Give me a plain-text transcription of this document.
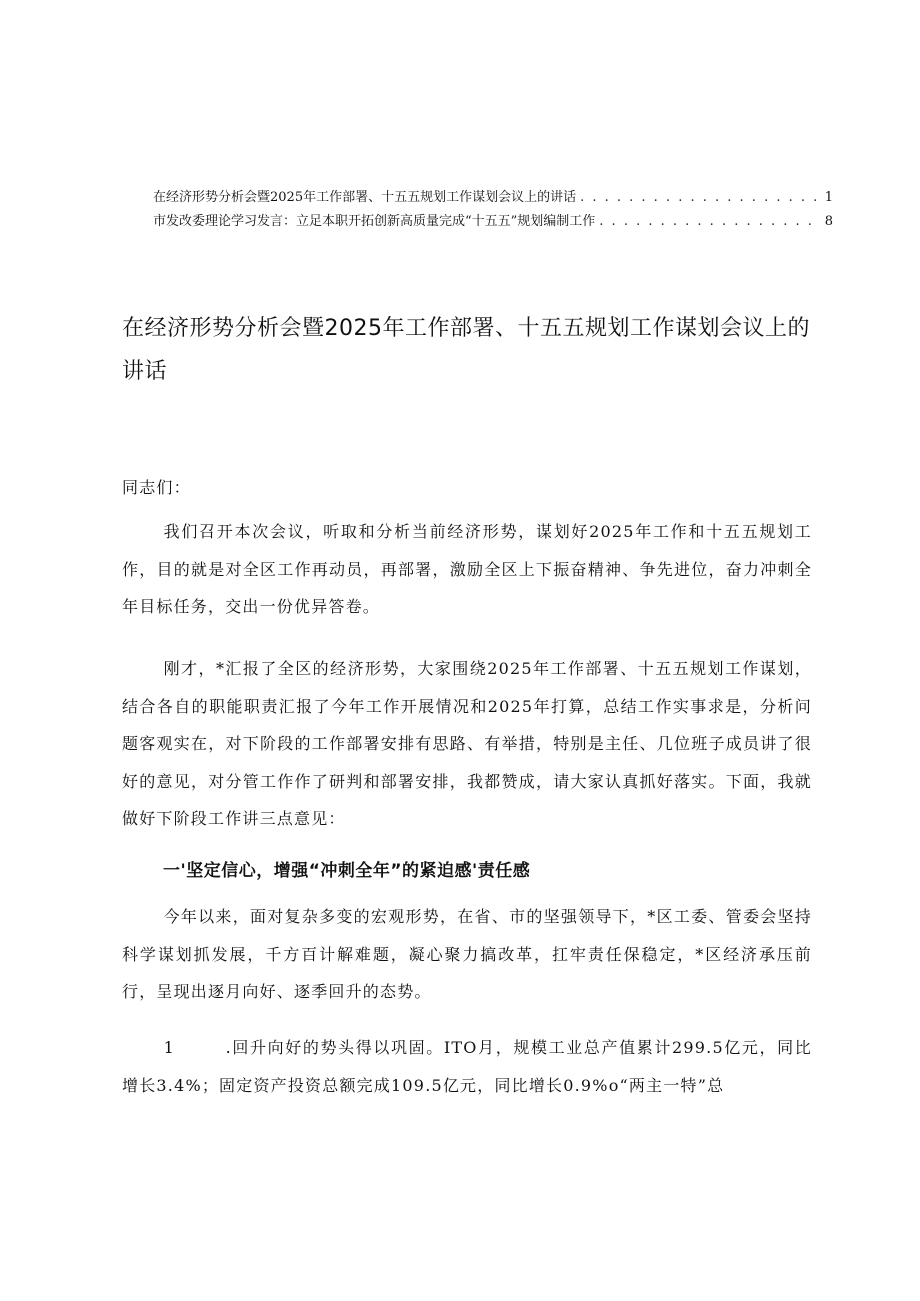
在经济形势分析会暨2025年工作部署、十五五规划工作谋划会议上的讲话 . . .	1
市发改委理论学习发言：立足本职开拓创新高质量完成“十五五”规划编制工作 . . .	8
在经济形势分析会暨2025年工作部署、十五五规划工作谋划会议上的讲话
同志们：

我们召开本次会议，听取和分析当前经济形势，谋划好2025年工作和十五五规划工作，目的就是对全区工作再动员，再部署，激励全区上下振奋精神、争先进位，奋力冲刺全年目标任务，交出一份优异答卷。

刚才，*汇报了全区的经济形势，大家围绕2025年工作部署、十五五规划工作谋划，结合各自的职能职责汇报了今年工作开展情况和2025年打算，总结工作实事求是，分析问题客观实在，对下阶段的工作部署安排有思路、有举措，特别是主任、几位班子成员讲了很好的意见，对分管工作作了研判和部署安排，我都赞成，请大家认真抓好落实。下面，我就做好下阶段工作讲三点意见：

一'坚定信心，增强“冲刺全年”的紧迫感'责任感

今年以来，面对复杂多变的宏观形势，在省、市的坚强领导下，*区工委、管委会坚持科学谋划抓发展，千方百计解难题，凝心聚力搞改革，扛牢责任保稳定，*区经济承压前行，呈现出逐月向好、逐季回升的态势。

1	.回升向好的势头得以巩固。ITO月，规模工业总产值累计299.5亿元，同比增长3.4%；固定资产投资总额完成109.5亿元，同比增长0.9%o“两主一特”总
